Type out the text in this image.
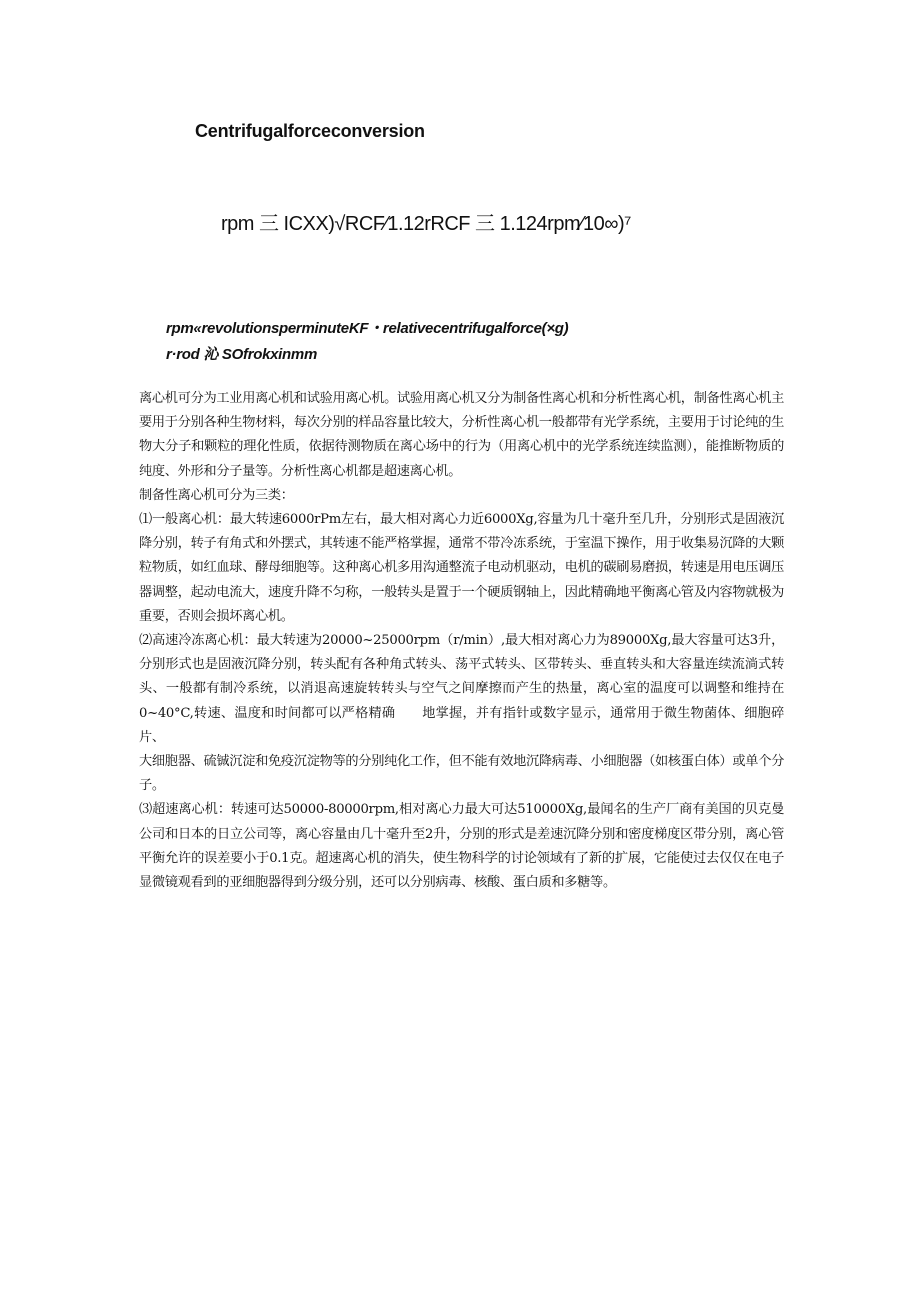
Centrifugalforceconversion
rpm 三 ICXX)√RCF⁄1.12rRCF 三 1.124rpm⁄10∞)⁷
rpm«revolutionsperminuteKF・relativecentrifugalforce(×g)
r·rod 沁 SOfrokxinmm

离心机可分为工业用离心机和试验用离心机。试验用离心机又分为制备性离心机和分析性离心机，制备性离心机主要用于分别各种生物材料，每次分别的样品容量比较大，分析性离心机一般都带有光学系统，主要用于讨论纯的生物大分子和颗粒的理化性质，依据待测物质在离心场中的行为（用离心机中的光学系统连续监测），能推断物质的纯度、外形和分子量等。分析性离心机都是超速离心机。

制备性离心机可分为三类：

⑴一般离心机：最大转速6000rPm左右，最大相对离心力近6000Xg,容量为几十毫升至几升，分别形式是固液沉降分别，转子有角式和外摆式，其转速不能严格掌握，通常不带冷冻系统，于室温下操作，用于收集易沉降的大颗粒物质，如红血球、酵母细胞等。这种离心机多用沟通整流子电动机驱动，电机的碳刷易磨损，转速是用电压调压器调整，起动电流大，速度升降不匀称，一般转头是置于一个硬质钢轴上，因此精确地平衡离心管及内容物就极为重要，否则会损坏离心机。

⑵高速冷冻离心机：最大转速为20000~25000rpm（r/min）,最大相对离心力为89000Xg,最大容量可达3升，分别形式也是固液沉降分别，转头配有各种角式转头、荡平式转头、区带转头、垂直转头和大容量连续流淌式转头、一般都有制冷系统，以消退高速旋转转头与空气之间摩擦而产生的热量，离心室的温度可以调整和维持在0~40°C,转速、温度和时间都可以严格精确　　地掌握，并有指针或数字显示，通常用于微生物菌体、细胞碎片、

大细胞器、硫铖沉淀和免疫沉淀物等的分别纯化工作，但不能有效地沉降病毒、小细胞器（如核蛋白体）或单个分子。

⑶超速离心机：转速可达50000-80000rpm,相对离心力最大可达510000Xg,最闻名的生产厂商有美国的贝克曼公司和日本的日立公司等，离心容量由几十毫升至2升，分别的形式是差速沉降分别和密度梯度区带分别，离心管平衡允许的误差要小于0.1克。超速离心机的消失，使生物科学的讨论领域有了新的扩展，它能使过去仅仅在电子显微镜观看到的亚细胞器得到分级分别，还可以分别病毒、核酸、蛋白质和多糖等。
